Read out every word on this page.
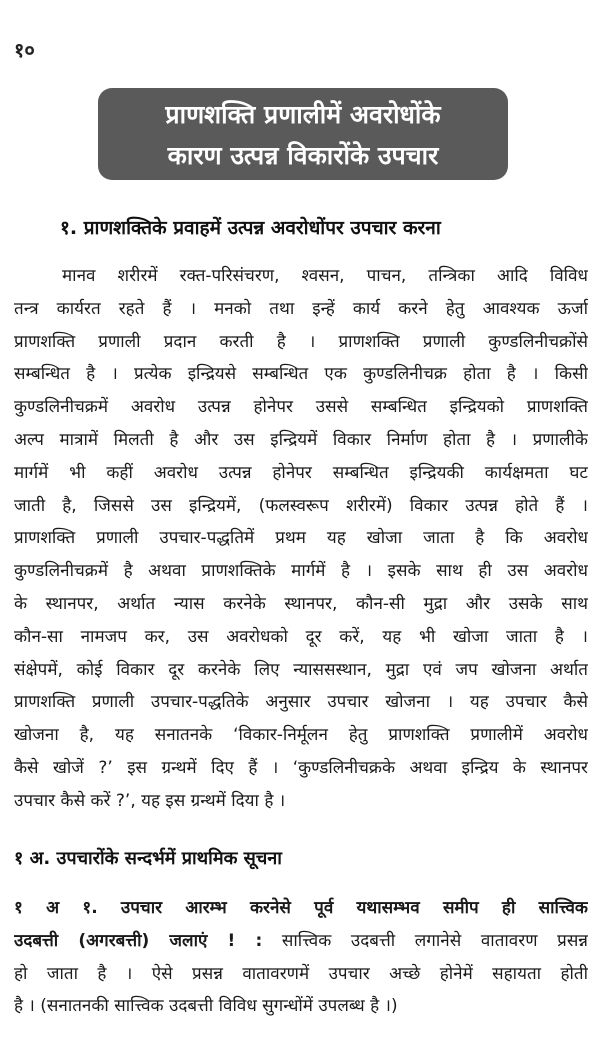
१०
प्राणशक्ति प्रणालीमें अवरोधोंके
कारण उत्पन्न विकारोंके उपचार
१. प्राणशक्तिके प्रवाहमें उत्पन्न अवरोधोंपर उपचार करना
मानव शरीरमें रक्त-परिसंचरण, श्वसन, पाचन, तन्त्रिका आदि विविध
तन्त्र कार्यरत रहते हैं । मनको तथा इन्हें कार्य करने हेतु आवश्यक ऊर्जा
प्राणशक्ति प्रणाली प्रदान करती है । प्राणशक्ति प्रणाली कुण्डलिनीचक्रोंसे
सम्बन्धित है । प्रत्येक इन्द्रियसे सम्बन्धित एक कुण्डलिनीचक्र होता है । किसी
कुण्डलिनीचक्रमें अवरोध उत्पन्न होनेपर उससे सम्बन्धित इन्द्रियको प्राणशक्ति
अल्प मात्रामें मिलती है और उस इन्द्रियमें विकार निर्माण होता है । प्रणालीके
मार्गमें भी कहीं अवरोध उत्पन्न होनेपर सम्बन्धित इन्द्रियकी कार्यक्षमता घट
जाती है, जिससे उस इन्द्रियमें, (फलस्वरूप शरीरमें) विकार उत्पन्न होते हैं ।
प्राणशक्ति प्रणाली उपचार-पद्धतिमें प्रथम यह खोजा जाता है कि अवरोध
कुण्डलिनीचक्रमें है अथवा प्राणशक्तिके मार्गमें है । इसके साथ ही उस अवरोध
के स्थानपर, अर्थात न्यास करनेके स्थानपर, कौन-सी मुद्रा और उसके साथ
कौन-सा नामजप कर, उस अवरोधको दूर करें, यह भी खोजा जाता है ।
संक्षेपमें, कोई विकार दूर करनेके लिए न्याससस्थान, मुद्रा एवं जप खोजना अर्थात
प्राणशक्ति प्रणाली उपचार-पद्धतिके अनुसार उपचार खोजना । यह उपचार कैसे
खोजना है, यह सनातनके ‘विकार-निर्मूलन हेतु प्राणशक्ति प्रणालीमें अवरोध
कैसे खोजें ?’ इस ग्रन्थमें दिए हैं । ‘कुण्डलिनीचक्रके अथवा इन्द्रिय के स्थानपर
उपचार कैसे करें ?’, यह इस ग्रन्थमें दिया है ।
१ अ. उपचारोंके सन्दर्भमें प्राथमिक सूचना
१ अ १. उपचार आरम्भ करनेसे पूर्व यथासम्भव समीप ही सात्त्विक
उदबत्ती (अगरबत्ती) जलाएं ! : सात्त्विक उदबत्ती लगानेसे वातावरण प्रसन्न
हो जाता है । ऐसे प्रसन्न वातावरणमें उपचार अच्छे होनेमें सहायता होती
है । (सनातनकी सात्त्विक उदबत्ती विविध सुगन्धोंमें उपलब्ध है ।)
